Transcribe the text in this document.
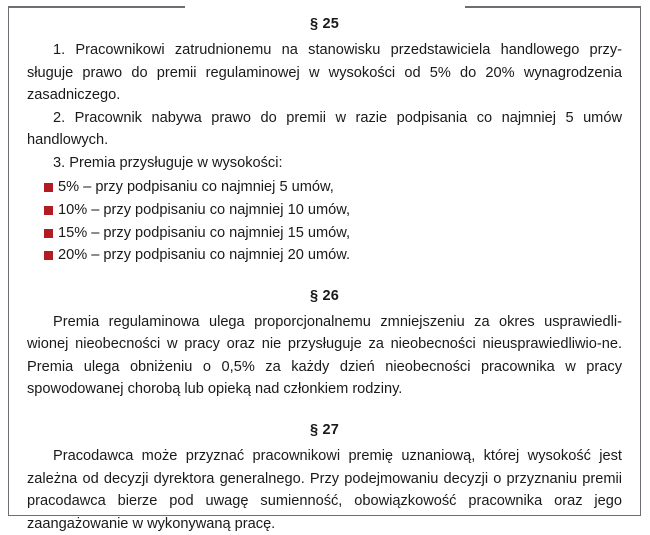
§ 25

1. Pracownikowi zatrudnionemu na stanowisku przedstawiciela handlowego przy-sługuje prawo do premii regulaminowej w wysokości od 5% do 20% wynagrodzenia zasadniczego.

2. Pracownik nabywa prawo do premii w razie podpisania co najmniej 5 umów handlowych.

3. Premia przysługuje w wysokości:

5% – przy podpisaniu co najmniej 5 umów,
10% – przy podpisaniu co najmniej 10 umów,
15% – przy podpisaniu co najmniej 15 umów,
20% – przy podpisaniu co najmniej 20 umów.
§ 26

Premia regulaminowa ulega proporcjonalnemu zmniejszeniu za okres usprawiedli-wionej nieobecności w pracy oraz nie przysługuje za nieobecności nieusprawiedliwio-ne. Premia ulega obniżeniu o 0,5% za każdy dzień nieobecności pracownika w pracy spowodowanej chorobą lub opieką nad członkiem rodziny.

§ 27

Pracodawca może przyznać pracownikowi premię uznaniową, której wysokość jest zależna od decyzji dyrektora generalnego. Przy podejmowaniu decyzji o przyznaniu premii pracodawca bierze pod uwagę sumienność, obowiązkowość pracownika oraz jego zaangażowanie w wykonywaną pracę.
